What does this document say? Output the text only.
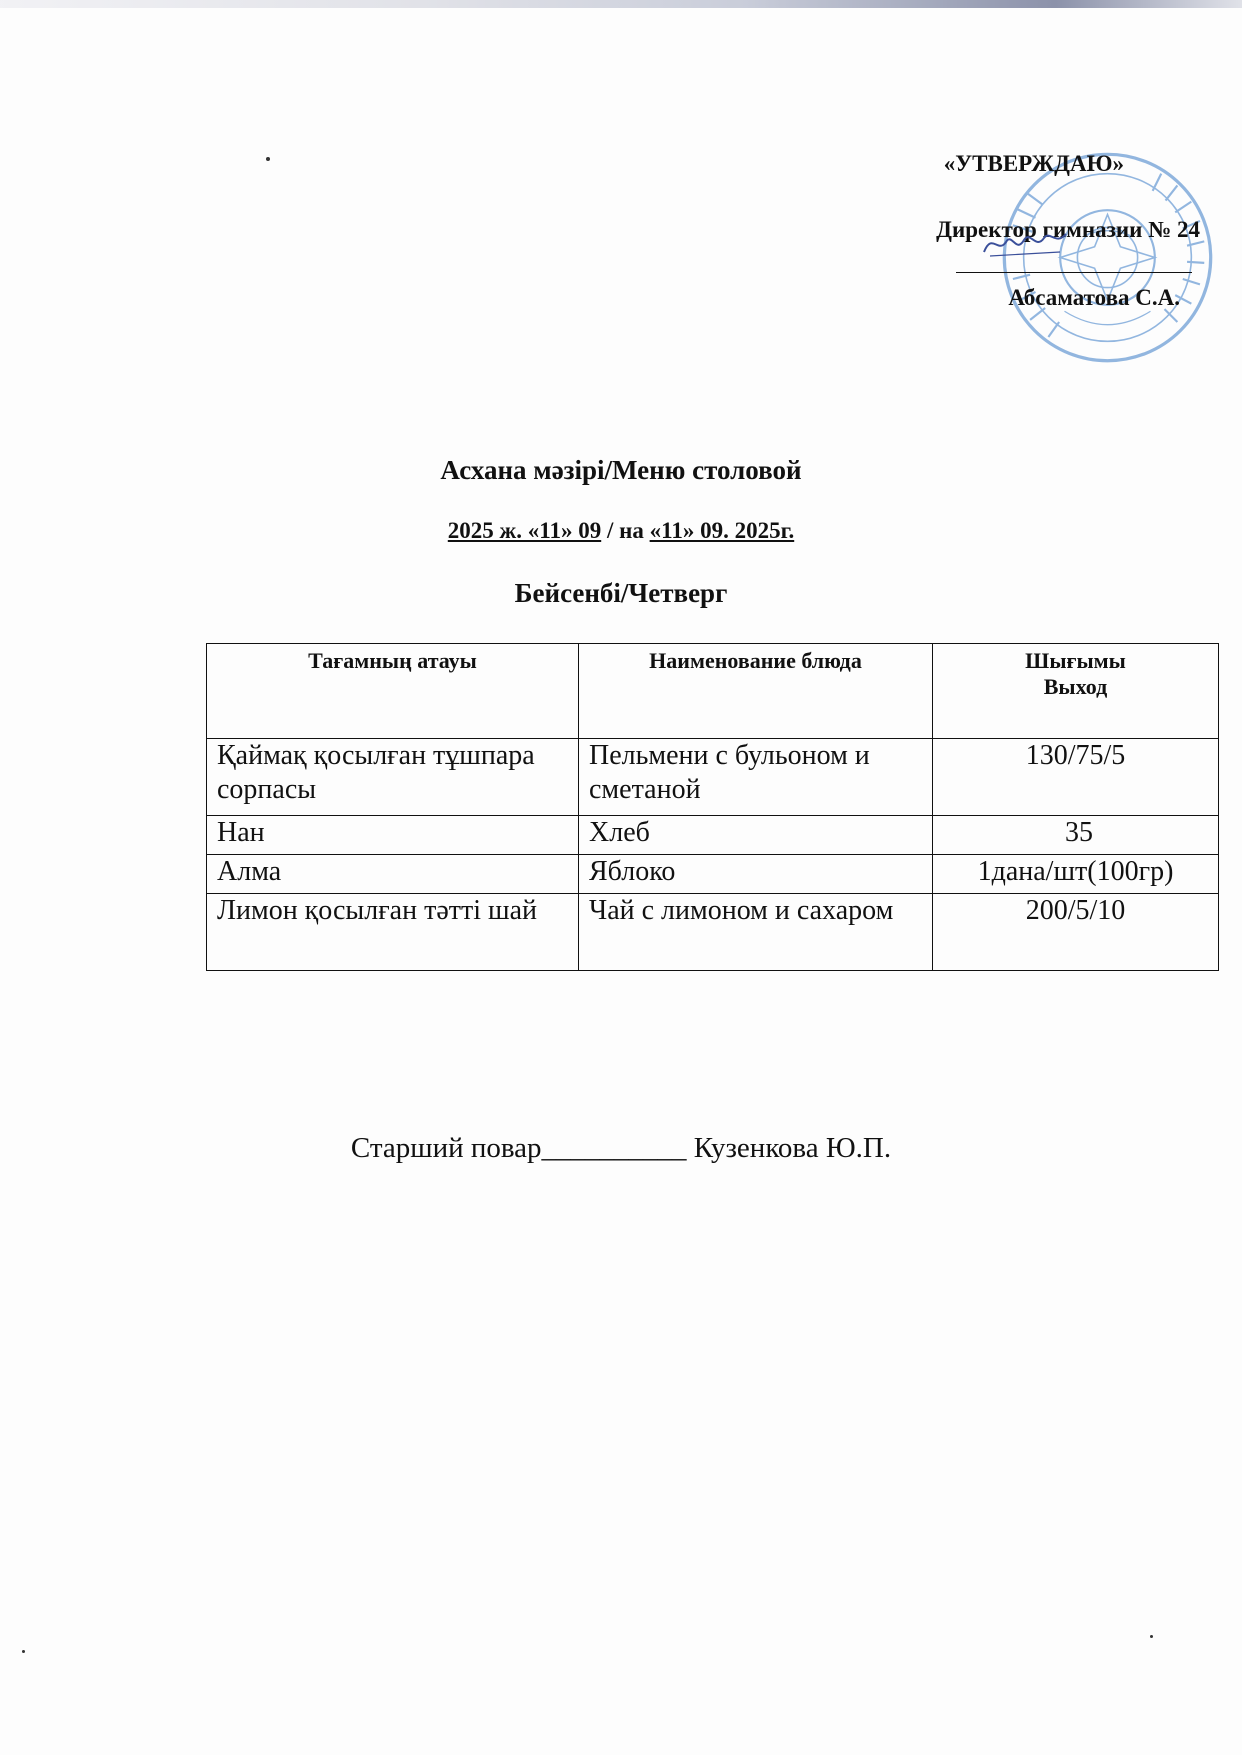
«УТВЕРЖДАЮ»
Директор гимназии № 24
Абсаматова С.А.
Асхана мәзірі/Меню столовой
2025 ж. «11» 09 / на «11» 09. 2025г.
Бейсенбі/Четверг
Тағамның атауы	Наименование блюда	Шығымы Выход
Қаймақ қосылған тұшпара сорпасы	Пельмени с бульоном и сметаной	130/75/5
Нан	Хлеб	35
Алма	Яблоко	1дана/шт(100гр)
Лимон қосылған тәтті шай	Чай с лимоном и сахаром	200/5/10
Старший повар__________ Кузенкова Ю.П.
